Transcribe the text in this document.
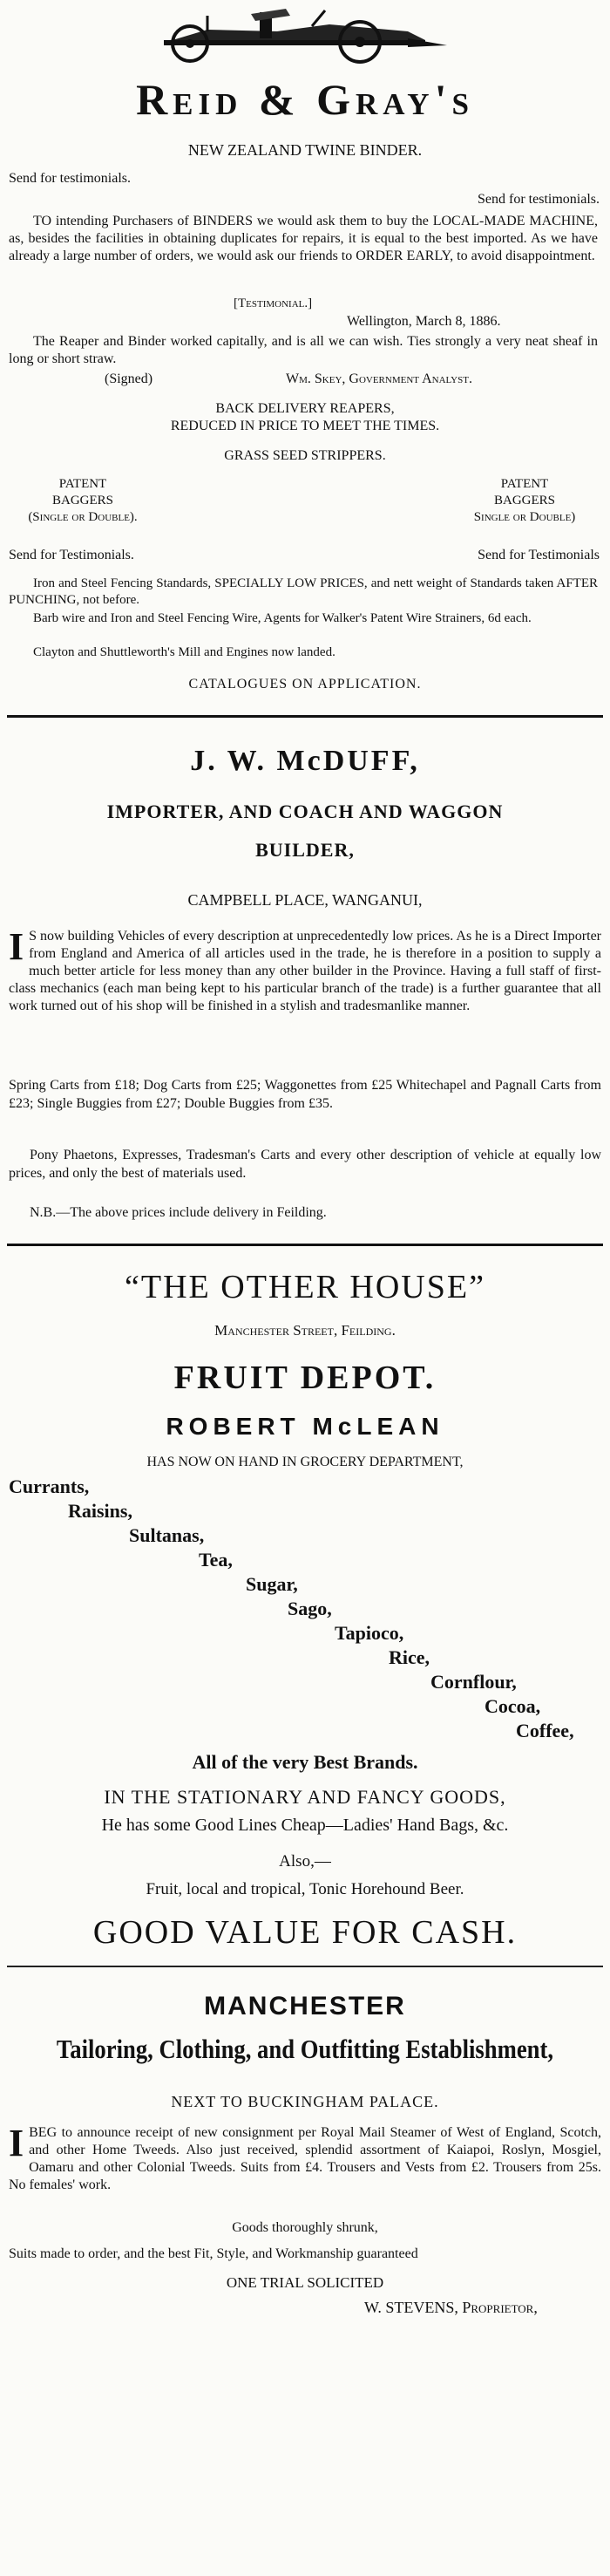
Reid & Gray's
NEW ZEALAND TWINE BINDER.
Send for testimonials.
Send for testimonials.

TO intending Purchasers of BINDERS we would ask them to buy the LOCAL-MADE MACHINE, as, besides the facilities in obtaining duplicates for repairs, it is equal to the best imported. As we have already a large number of orders, we would ask our friends to ORDER EARLY, to avoid disappointment.

[Testimonial.]
Wellington, March 8, 1886.

The Reaper and Binder worked capitally, and is all we can wish. Ties strongly a very neat sheaf in long or short straw.

(Signed)	Wm. Skey, Government Analyst.
BACK DELIVERY REAPERS,
REDUCED IN PRICE TO MEET THE TIMES.
GRASS SEED STRIPPERS.
PATENT
BAGGERS
(Single or Double).
PATENT
BAGGERS
Single or Double)
Send for Testimonials.	Send for Testimonials

Iron and Steel Fencing Standards, SPECIALLY LOW PRICES, and nett weight of Standards taken AFTER PUNCHING, not before.

Barb wire and Iron and Steel Fencing Wire, Agents for Walker's Patent Wire Strainers, 6d each.

Clayton and Shuttleworth's Mill and Engines now landed.

CATALOGUES ON APPLICATION.
J. W. McDUFF,
IMPORTER, AND COACH AND WAGGON
BUILDER,
CAMPBELL PLACE, WANGANUI,
I S now building Vehicles of every description at unprecedentedly low prices. As he is a Direct Importer from England and America of all articles used in the trade, he is therefore in a position to supply a much better article for less money than any other builder in the Province. Having a full staff of first-class mechanics (each man being kept to his particular branch of the trade) is a further guarantee that all work turned out of his shop will be finished in a stylish and tradesmanlike manner.

Spring Carts from £18; Dog Carts from £25; Waggonettes from £25 Whitechapel and Pagnall Carts from £23; Single Buggies from £27; Double Buggies from £35.

Pony Phaetons, Expresses, Tradesman's Carts and every other description of vehicle at equally low prices, and only the best of materials used.

N.B.—The above prices include delivery in Feilding.

“THE OTHER HOUSE”
Manchester Street, Feilding.
FRUIT DEPOT.
ROBERT McLEAN
HAS NOW ON HAND IN GROCERY DEPARTMENT,
Currants,
Raisins,
Sultanas,
Tea,
Sugar,
Sago,
Tapioco,
Rice,
Cornflour,
Cocoa,
Coffee,
All of the very Best Brands.
IN THE STATIONARY AND FANCY GOODS,
He has some Good Lines Cheap—Ladies' Hand Bags, &c.
Also,—
Fruit, local and tropical, Tonic Horehound Beer.
GOOD VALUE FOR CASH.
MANCHESTER
Tailoring, Clothing, and Outfitting Establishment,
NEXT TO BUCKINGHAM PALACE.
I BEG to announce receipt of new consignment per Royal Mail Steamer of West of England, Scotch, and other Home Tweeds. Also just received, splendid assortment of Kaiapoi, Roslyn, Mosgiel, Oamaru and other Colonial Tweeds. Suits from £4. Trousers and Vests from £2. Trousers from 25s. No females' work.
Goods thoroughly shrunk,

Suits made to order, and the best Fit, Style, and Workmanship guaranteed

ONE TRIAL SOLICITED
W. STEVENS, Proprietor,
